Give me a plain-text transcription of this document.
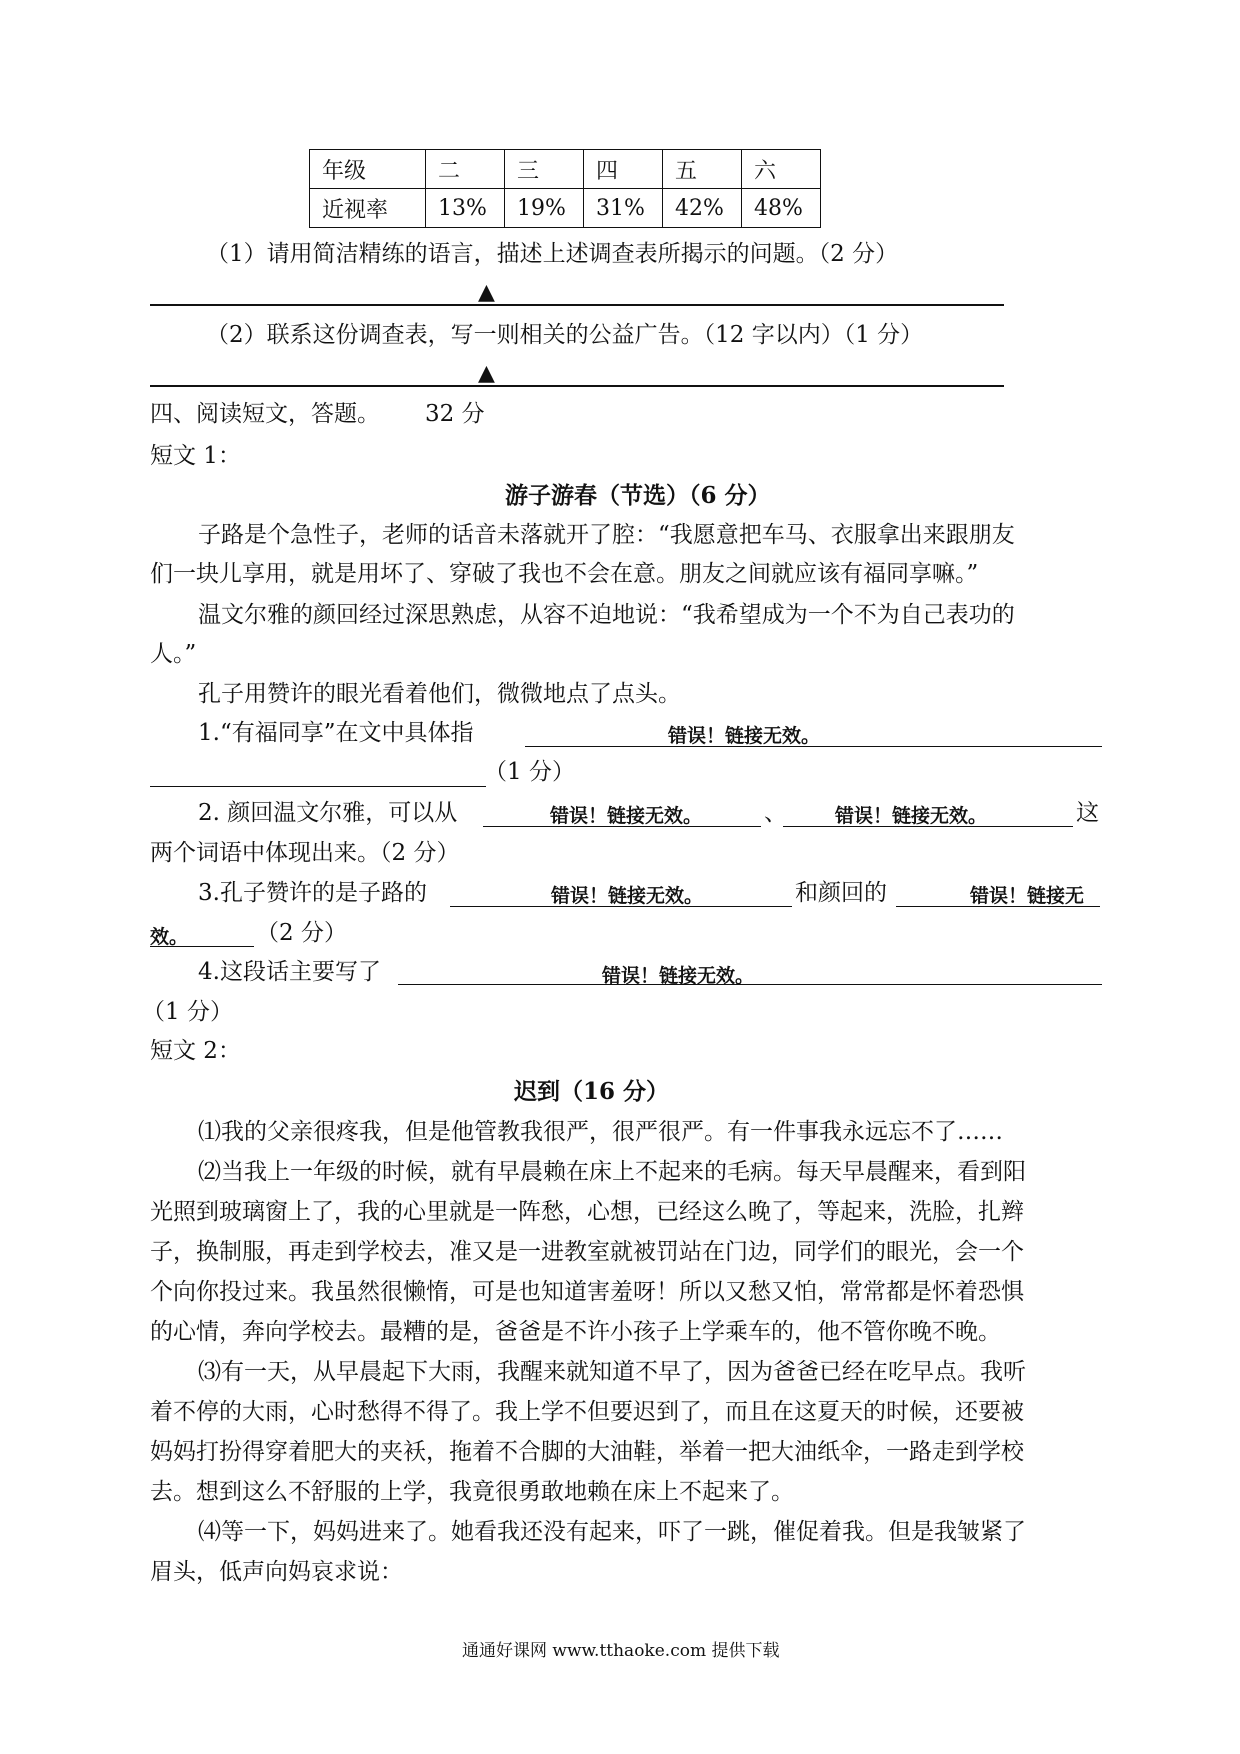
年级	二	三	四	五	六
近视率	13%	19%	31%	42%	48%
（1）请用简洁精练的语言，描述上述调查表所揭示的问题。（2 分）
▲
（2）联系这份调查表，写一则相关的公益广告。（12 字以内）（1 分）
▲
四、阅读短文，答题。 32 分
短文 1：
游子游春（节选）（6 分）
子路是个急性子，老师的话音未落就开了腔：“我愿意把车马、衣服拿出来跟朋友
们一块儿享用，就是用坏了、穿破了我也不会在意。朋友之间就应该有福同享嘛。”
温文尔雅的颜回经过深思熟虑，从容不迫地说：“我希望成为一个不为自己表功的
人。”
孔子用赞许的眼光看着他们，微微地点了点头。
1.“有福同享”在文中具体指	错误！链接无效。
（1 分）
2. 颜回温文尔雅，可以从	错误！链接无效。	、	错误！链接无效。	这
两个词语中体现出来。（2 分）
3.孔子赞许的是子路的	错误！链接无效。	和颜回的	错误！链接无
效。	（2 分）
4.这段话主要写了	错误！链接无效。
（1 分）
短文 2：
迟到（16 分）
⑴我的父亲很疼我，但是他管教我很严，很严很严。有一件事我永远忘不了……
⑵当我上一年级的时候，就有早晨赖在床上不起来的毛病。每天早晨醒来，看到阳
光照到玻璃窗上了，我的心里就是一阵愁，心想，已经这么晚了，等起来，洗脸，扎辫
子，换制服，再走到学校去，准又是一进教室就被罚站在门边，同学们的眼光，会一个
个向你投过来。我虽然很懒惰，可是也知道害羞呀！所以又愁又怕，常常都是怀着恐惧
的心情，奔向学校去。最糟的是，爸爸是不许小孩子上学乘车的，他不管你晚不晚。
⑶有一天，从早晨起下大雨，我醒来就知道不早了，因为爸爸已经在吃早点。我听
着不停的大雨，心时愁得不得了。我上学不但要迟到了，而且在这夏天的时候，还要被
妈妈打扮得穿着肥大的夹袄，拖着不合脚的大油鞋，举着一把大油纸伞，一路走到学校
去。想到这么不舒服的上学，我竟很勇敢地赖在床上不起来了。
⑷等一下，妈妈进来了。她看我还没有起来，吓了一跳，催促着我。但是我皱紧了
眉头，低声向妈哀求说：
通通好课网 www.tthaoke.com 提供下载
